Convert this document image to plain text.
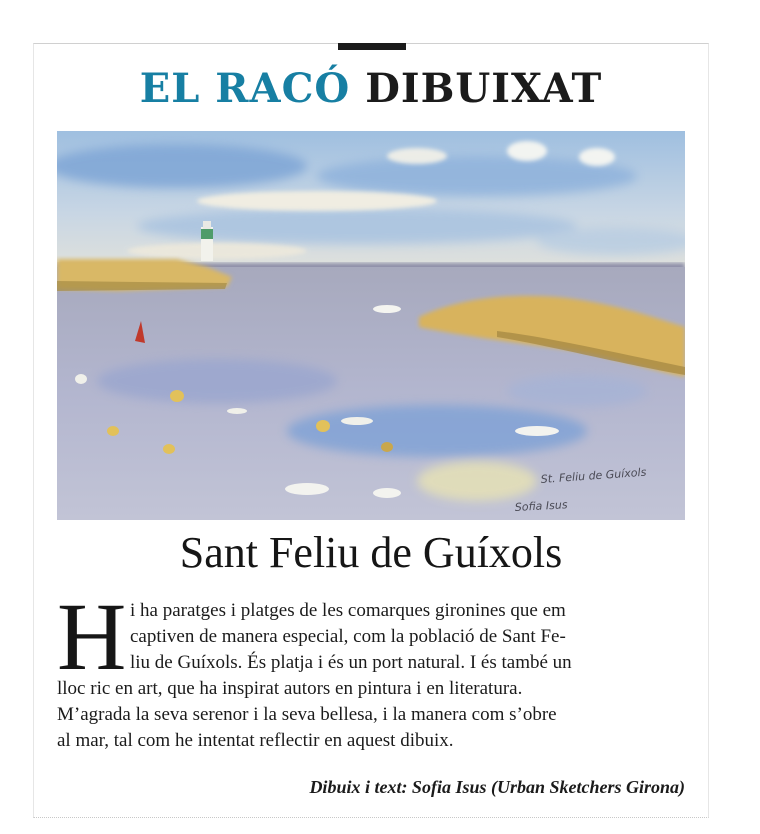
EL RACÓ DIBUIXAT
St. Feliu de Guíxols
Sofia Isus
Sant Feliu de Guíxols
H i ha paratges i platges de les comarques gironines que em
captiven de manera especial, com la població de Sant Fe-
liu de Guíxols. És platja i és un port natural. I és també un
lloc ric en art, que ha inspirat autors en pintura i en literatura.
M’agrada la seva serenor i la seva bellesa, i la manera com s’obre
al mar, tal com he intentat reflectir en aquest dibuix.
Dibuix i text: Sofia Isus (Urban Sketchers Girona)
